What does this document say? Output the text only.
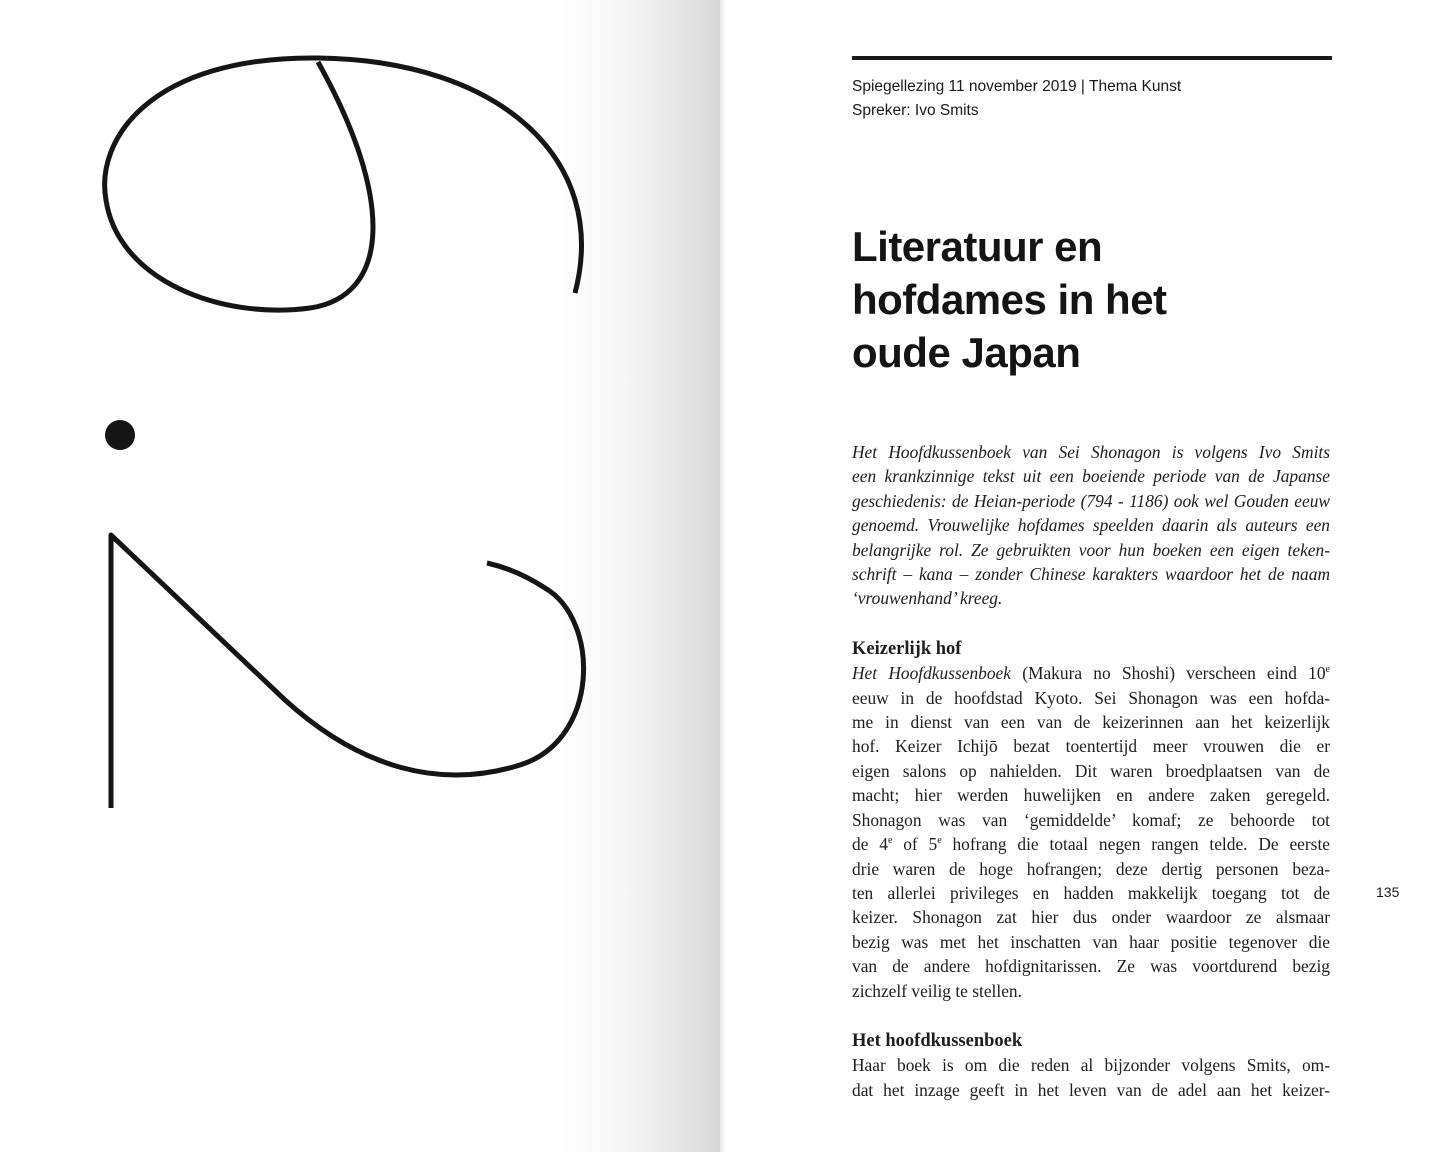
Spiegellezing 11 november 2019 | Thema Kunst
Spreker: Ivo Smits
Literatuur en
hofdames in het
oude Japan

Het Hoofdkussenboek van Sei Shonagon is volgens Ivo Smits
een krankzinnige tekst uit een boeiende periode van de Japanse
geschiedenis: de Heian-periode (794 - 1186) ook wel Gouden eeuw
genoemd. Vrouwelijke hofdames speelden daarin als auteurs een
belangrijke rol. Ze gebruikten voor hun boeken een eigen teken-
schrift – kana – zonder Chinese karakters waardoor het de naam
‘vrouwenhand’ kreeg.

Keizerlijk hof

Het Hoofdkussenboek (Makura no Shoshi) verscheen eind 10e
eeuw in de hoofdstad Kyoto. Sei Shonagon was een hofda-
me in dienst van een van de keizerinnen aan het keizerlijk
hof. Keizer Ichijō bezat toentertijd meer vrouwen die er
eigen salons op nahielden. Dit waren broedplaatsen van de
macht; hier werden huwelijken en andere zaken geregeld.
Shonagon was van ‘gemiddelde’ komaf; ze behoorde tot
de 4e of 5e hofrang die totaal negen rangen telde. De eerste
drie waren de hoge hofrangen; deze dertig personen beza-
ten allerlei privileges en hadden makkelijk toegang tot de
keizer. Shonagon zat hier dus onder waardoor ze alsmaar
bezig was met het inschatten van haar positie tegenover die
van de andere hofdignitarissen. Ze was voortdurend bezig
zichzelf veilig te stellen.

Het hoofdkussenboek

Haar boek is om die reden al bijzonder volgens Smits, om-
dat het inzage geeft in het leven van de adel aan het keizer-

135
